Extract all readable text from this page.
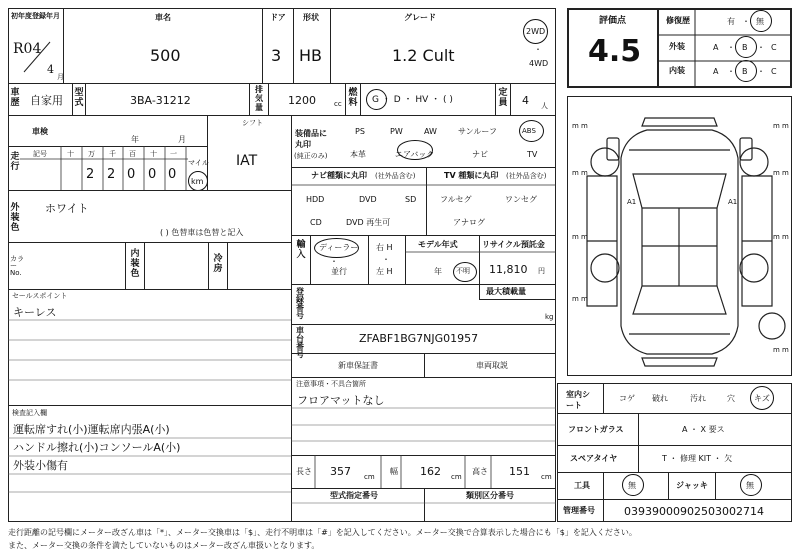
初年度登録年月
R04
4
月
車名
500
ドア
3
形状
HB
グレード
1.2 Cult
2WD
・
4WD
車歴 自家用
型式	3BA-31212
排気量
1200	cc
燃料 G ・ D ・ HV ・ ( )
定員 4 人
車検
年	月
シフト
IAT
走行
記号	十 万 千 百 十 一
マイル
2 2 0 0 0 km
外装色
ホワイト
( ) 色替車は色替と記入
カラーNo.
内装色
冷房
セールスポイント
キーレス
検査記入欄
運転席すれ(小)運転席内張A(小)
ハンドル擦れ(小)コンソールA(小)
外装小傷有
装備品に丸印
(純正のみ)
PS	PW	AW	サンルーフ	ABS
本革	エアバック	ナビ	TV
ナビ種類に丸印 (社外品含む)
HDD	DVD	SD
CD	DVD 再生可
TV 種類に丸印 (社外品含む)
フルセグ	ワンセグ
アナログ
輸入
ディーラー
・
並行
右 H
・
左 H
モデル年式
年 不明
リサイクル預託金
11,810 円
登録番号
最大積載量
kg
車台番号
ZFABF1BG7NJG01957
新車保証書	車両取説
注意事項・不具合箇所
フロアマットなし
長さ 357 cm
幅 162 cm
高さ 151 cm
型式指定番号	類別区分番号
評価点
4.5
修復歴	有 ・ 無
外装	A ・ B ・ C
内装	A ・ B ・ C
A1	A1
m m	m m
m m	m m
m m	m m
m m
m m
室内シート
コゲ 破れ	汚れ	穴 キズ
フロントガラス	A ・ X 要ス
スペアタイヤ	T ・ 修理 KIT ・ 欠
工具	無	ジャッキ	無
管理番号	03939000902503002714
走行距離の記号欄にメーター改ざん車は「*」、メーター交換車は「$」、走行不明車は「#」を記入してください。メーター交換で合算表示した場合にも「$」を記入ください。
また、メーター交換の条件を満たしていないものはメーター改ざん車扱いとなります。
